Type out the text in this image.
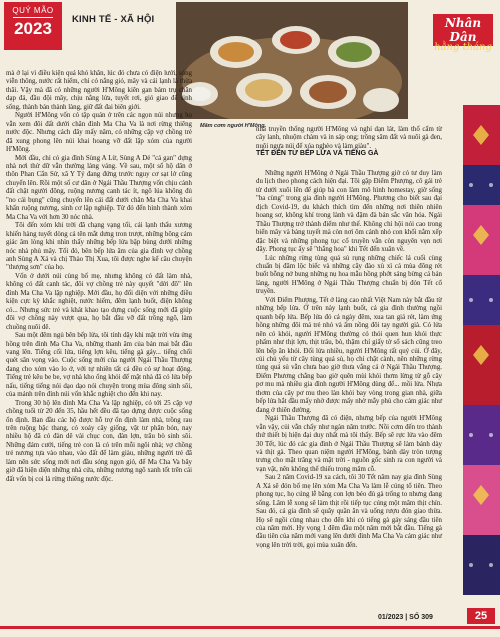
QUÝ MÃO
2023	KINH TẾ - XÃ HỘI
Mâm cơm người H'Mông.
Nhân Dân
hằng tháng

mà ở lại vì điều kiện quá khó khăn, lúc đó chưa có điện lưới, sóng viễn thông, nước rất hiếm, chỉ có nắng gió, mây và cái lạnh là thừa thãi. Vậy mà đã có những người H'Mông kiên gan bám trụ chăn dạp đá, đầu đội mây, chịu nắng lửa, tuyết rơi, gió giao để sinh sống, thành bản thành làng, giữ đất đai biên giới.

Người H'Mông vốn có tập quán ở trên các ngọn núi nhưng họ vẫn xem đôi đất dưới chân đỉnh Ma Cha Va là nơi rừng thiêng nước độc. Nhưng cách đây mấy năm, có những cặp vợ chồng trẻ đã xung phong lên núi khai hoang vỡ đất lập xóm của người H'Mông.

Mới đầu, chỉ có gia đình Sùng A Lừ, Sùng A Dẻ "cả gan" dựng nhà nơi thử dữ vẫn thường lảng vảng. Về sau, một số hộ dân ở thôn Phan Cẩn Sử, xã Y Tý đang đứng trước nguy cơ sạt lở cũng chuyển lên. Rồi một số cư dân ở Ngải Thầu Thượng vốn chịu cảnh đất chật người đông, ruộng nương canh tác ít, ngô lúa không đủ "no cái bụng" cũng chuyển lên cái đất dưới chân Ma Cha Va khai khẩn ruộng nương, sinh cơ lập nghiệp. Từ đó đến hình thành xóm Ma Cha Va với hơn 30 nóc nhà.

Tôi đến xóm khi trời đã chạng vạng tối, cái lạnh thấu xương khiến hàng tuyết dòng cả tên mắt dưng tron trượt, những bông cảm giác âm lòng khi nhìn thấy những bếp lửa bập bùng dưới những nóc nhà phủ mây. Tối đó, bên bếp lửa âm của gia đình vợ chồng anh Sùng A Xá và chị Thào Thị Xua, tôi được nghe kể câu chuyện "thượng sơn" của họ.

Vốn ở dưới núi cùng bố mẹ, nhưng không có đất làm nhà, không có đất canh tác, đôi vợ chồng trẻ này quyết "dời đô" lên đỉnh Ma Cha Va lập nghiệp. Mới đầu, họ đối diện với những điều kiện cực kỳ khắc nghiệt, nước hiếm, đêm lạnh buốt, điện không có... Nhưng sức trẻ và khát khao tạo dựng cuộc sống mới đã giúp đôi vợ chồng này vượt qua, họ bắt đầu vỡ đất trồng ngô, làm chuồng nuôi dê.

Sau một đêm ngủ bên bếp lửa, tôi tỉnh dậy khi mặt trời vừa ửng hồng trên đỉnh Ma Cha Va, những thanh âm của bản mai bắt đầu vang lên. Tiếng cối lửa, tiếng lợn kêu, tiếng gà gáy... tiếng chổi quét sân vọng vào. Cuộc sống mới của người Ngải Thầu Thượng đang cho xóm vào lo ở, với tự nhiên tất cả đều có sự hoạt động. Tiếng trẻ kêu be be, vợ nhà kho ống khói để mặt nhà đã có lửa bếp nấu, tiếng tiếng nói dạo dạo nói chuyện trong mùa đông sinh sôi, của mảnh trên đỉnh núi vốn khắc nghiệt cho đến khi nay.

Trong 30 hộ lên đỉnh Ma Cha Va lập nghiệp, có tới 25 cặp vợ chồng tuổi từ 20 đến 35, hầu hết đều đã tạo dựng được cuộc sống ổn định. Ban đầu các hộ được hỗ trợ ổn định làm nhà, trồng rau trên ruộng bậc thang, có xoáy cây giống, vật tư phân bón, nay nhiều hộ đã có đàn dê vài chục con, đàn lợn, trâu bò sinh sôi. Những đám cưới, tiếng trẻ con là có trên mỗi ngôi nhà; vợ chồng trẻ nương tựa vào nhau, vào đất để làm giàu, những người trẻ đã làm nên sức sống mới nơi đầu sóng ngọn gió, để Ma Cha Va bây giờ đã hiện diện những nhà cửa, những nương ngô xanh tốt trên cái đất vốn bị coi là rừng thiêng nước độc.

nhà truyền thống người H'Mông và nghỉ dạn lát, làm thổ cẩm từ cây lanh, nhuộm chàm và in sáp ong; trồng sâm đất và nuôi gà đen, nuôi ngựa núi để xóa nghèo và làm giàu".

TẾT ĐẾN TỪ BẾP LỬA VÀ TIẾNG GÀ

Những người H'Mông ở Ngải Thầu Thượng giờ có tư duy làm du lịch theo phong cách hiện đại. Tôi gặp Điểm Phượng, cô gái trẻ từ dưới xuôi lên để giúp bà con làm mô hình homestay, giờ sống "ba cùng" trong gia đình người H'Mông. Phương cho biết sau đại dịch Covid-19, du khách thích tìm đến những nơi thiên nhiên hoang sơ, không khí trong lành và đậm đà bản sắc văn hóa. Ngải Thầu Thượng trở thành điểm như thế. Không chỉ hội nói cao trong biển mây và bảng tuyết mà còn nơi ôm cảnh nhỏ con khối nắm xếp đặc biệt và những phong tục cổ truyền vẫn còn nguyên vẹn nơi đây. Phong tục ấy sẽ "thắng hoa" khi Tết đến xuân về.

Lúc những rừng tùng quả sủ rụng những chiếc lá cuối cùng chuẩn bị đâm lộc biếc và những cây đào xù xì cả mùa đông rét buốt bỗng nở bung những nụ hoa mẫu hồng phớt sáng bừng cả bản làng, người H'Mông ở Ngải Thầu Thượng chuẩn bị đón Tết cổ truyền.

Với Điểm Phượng, Tết ở làng cao nhất Việt Nam này bắt đầu từ những bếp lửa. Ở trên này lạnh buốt, cả gia đình thường ngồi quanh bếp lửa. Bếp lửa đỏ cả ngày đêm, xua tan giá rét, làm ứng hồng những đôi má trẻ nhỏ và ấm nồng đôi tay người già. Có lửa nên có khói, người H'Mông thường có thói quen hun khói thực phẩm như thịt lợn, thịt trâu, bò, thậm chí giấy tờ sổ sách cũng treo lên bếp ăn khói. Đối lửa nhiều, người H'Mông rất quý củi. Ở đây, củi chủ yếu từ cây tùng quả sủ, họ chỉ chặt cành, nên những rừng tùng quả sủ vẫn chưa bao giờ thưa vắng cả ở Ngải Thầu Thượng. Điểm Phương chẳng bao giờ quên mùi khói thơm lừng từ gỗ cây pơ mu mà nhiều gia đình người H'Mông dùng để... mồi lửa. Nhựa thơm của cây pơ mu theo làn khói bay vòng trong gian nhà, giữa bếp lửa hắt đầu mấy nhờ được mấy nhờ mẫy phủ cho cảm giác như đang ở thiên đường.

Ngải Thầu Thượng đã có điện, nhưng bếp của người H'Mông vẫn vậy, củi vẫn chấy như ngàn năm trước. Nồi cơm đến tro thành thứ thiết bị hiện đại duy nhất mà tôi thấy. Bếp sẽ rực lửa vào đêm 30 Tết, lúc đó các gia đình ở Ngải Thầu Thượng sẽ làm bánh dày và thịt gà. Theo quan niệm người H'Mông, bánh dày tròn tượng trưng cho mặt trăng và mặt trời - nguồn gốc sinh ra con người và vạn vật, nên không thể thiếu trong mâm cỗ.

Sau 2 năm Covid-19 xa cách, tôi 30 Tết năm nay gia đình Sùng A Xá sẽ đón bố mẹ lên xóm Ma Cha Va làm lễ cúng tổ tiên. Theo phong tục, họ cúng lễ bằng con lợn béo đủ gà trống to nhưng đang sống. Lâm lễ xong sẽ làm thịt rồi tiếp tục cúng một mâm thịt chín. Sau đó, cả gia đình sẽ quây quần ăn và uống rượu đón giao thừa. Họ sẽ ngồi cùng nhau cho đến khi có tiếng gà gáy sáng đầu tiên của năm mới. Hy vọng 1 đêm đầu một năm mới bắt đầu. Tiếng gà đầu tiên của năm mới vang lên dưới đỉnh Ma Cha Va cảm giác như vọng lên trời trời, gọi mùa xuân đến.

01/2023 | SỐ 309	25
